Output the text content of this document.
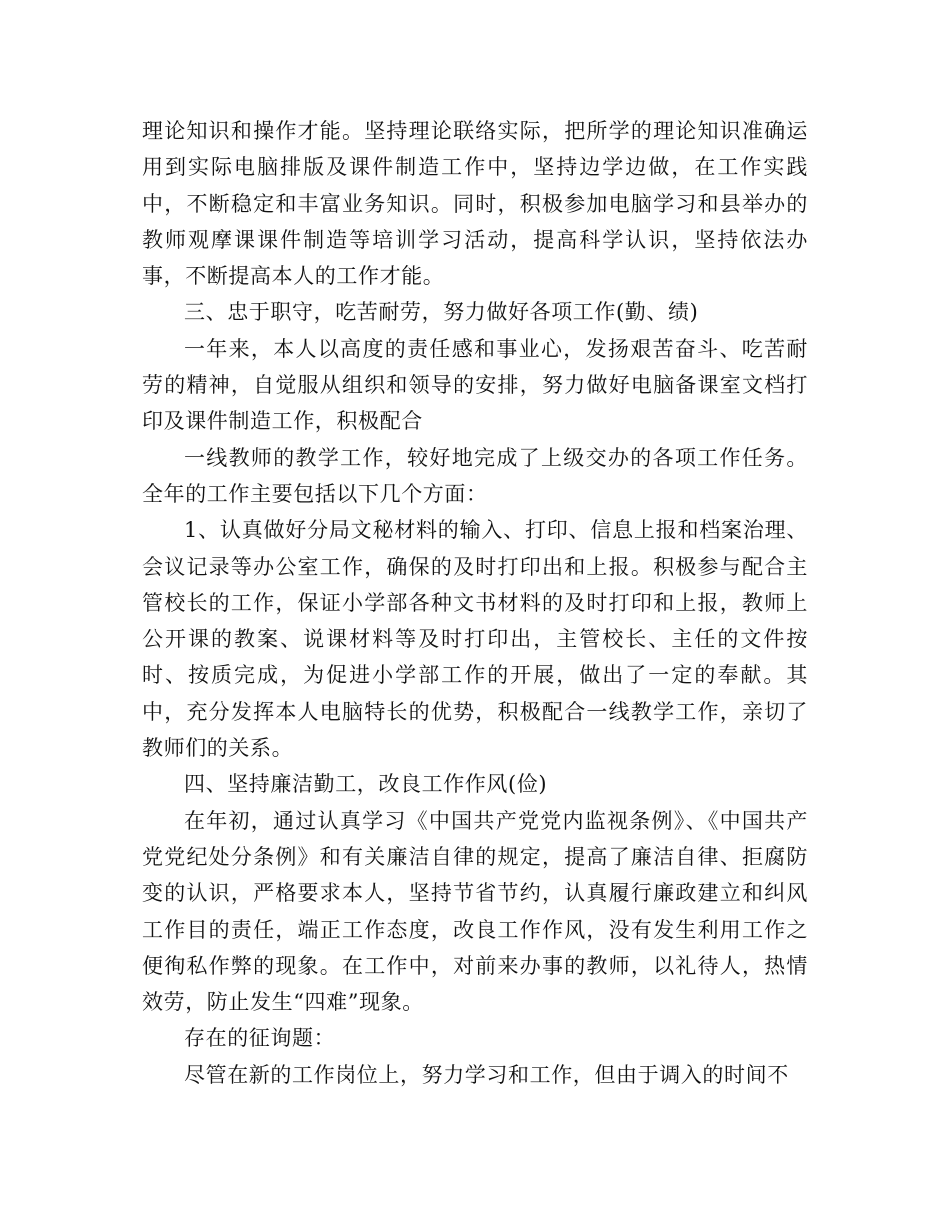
理论知识和操作才能。坚持理论联络实际，把所学的理论知识准确运用到实际电脑排版及课件制造工作中，坚持边学边做，在工作实践中，不断稳定和丰富业务知识。同时，积极参加电脑学习和县举办的教师观摩课课件制造等培训学习活动，提高科学认识，坚持依法办事，不断提高本人的工作才能。

三、忠于职守，吃苦耐劳，努力做好各项工作(勤、绩)

一年来，本人以高度的责任感和事业心，发扬艰苦奋斗、吃苦耐劳的精神，自觉服从组织和领导的安排，努力做好电脑备课室文档打印及课件制造工作，积极配合

一线教师的教学工作，较好地完成了上级交办的各项工作任务。全年的工作主要包括以下几个方面：

1、认真做好分局文秘材料的输入、打印、信息上报和档案治理、会议记录等办公室工作，确保的及时打印出和上报。积极参与配合主管校长的工作，保证小学部各种文书材料的及时打印和上报，教师上公开课的教案、说课材料等及时打印出，主管校长、主任的文件按时、按质完成，为促进小学部工作的开展，做出了一定的奉献。其中，充分发挥本人电脑特长的优势，积极配合一线教学工作，亲切了教师们的关系。

四、坚持廉洁勤工，改良工作作风(俭)

在年初，通过认真学习《中国共产党党内监视条例》、《中国共产党党纪处分条例》和有关廉洁自律的规定，提高了廉洁自律、拒腐防变的认识，严格要求本人，坚持节省节约，认真履行廉政建立和纠风工作目的责任，端正工作态度，改良工作作风，没有发生利用工作之便徇私作弊的现象。在工作中，对前来办事的教师，以礼待人，热情效劳，防止发生“四难”现象。

存在的征询题：

尽管在新的工作岗位上，努力学习和工作，但由于调入的时间不
